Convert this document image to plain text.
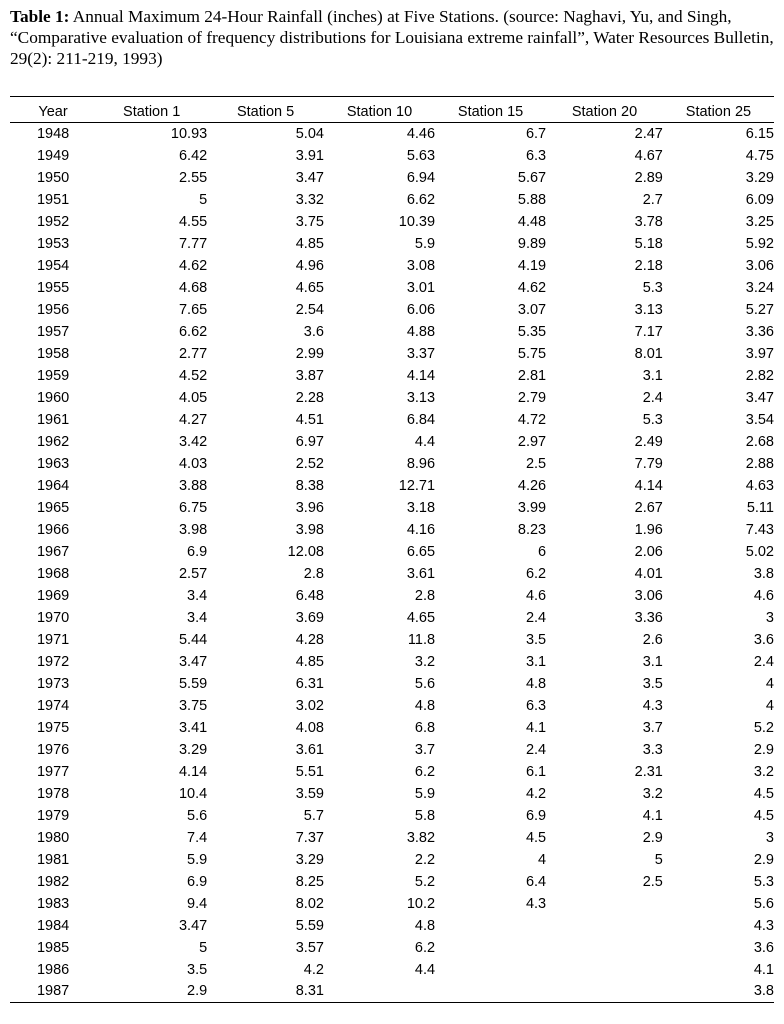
Table 1: Annual Maximum 24-Hour Rainfall (inches) at Five Stations. (source: Naghavi, Yu, and Singh, “Comparative evaluation of frequency distributions for Louisiana extreme rainfall”, Water Resources Bulletin, 29(2): 211-219, 1993)
Year	Station 1	Station 5	Station 10	Station 15	Station 20	Station 25
1948	10.93	5.04	4.46	6.7	2.47	6.15
1949	6.42	3.91	5.63	6.3	4.67	4.75
1950	2.55	3.47	6.94	5.67	2.89	3.29
1951	5	3.32	6.62	5.88	2.7	6.09
1952	4.55	3.75	10.39	4.48	3.78	3.25
1953	7.77	4.85	5.9	9.89	5.18	5.92
1954	4.62	4.96	3.08	4.19	2.18	3.06
1955	4.68	4.65	3.01	4.62	5.3	3.24
1956	7.65	2.54	6.06	3.07	3.13	5.27
1957	6.62	3.6	4.88	5.35	7.17	3.36
1958	2.77	2.99	3.37	5.75	8.01	3.97
1959	4.52	3.87	4.14	2.81	3.1	2.82
1960	4.05	2.28	3.13	2.79	2.4	3.47
1961	4.27	4.51	6.84	4.72	5.3	3.54
1962	3.42	6.97	4.4	2.97	2.49	2.68
1963	4.03	2.52	8.96	2.5	7.79	2.88
1964	3.88	8.38	12.71	4.26	4.14	4.63
1965	6.75	3.96	3.18	3.99	2.67	5.11
1966	3.98	3.98	4.16	8.23	1.96	7.43
1967	6.9	12.08	6.65	6	2.06	5.02
1968	2.57	2.8	3.61	6.2	4.01	3.8
1969	3.4	6.48	2.8	4.6	3.06	4.6
1970	3.4	3.69	4.65	2.4	3.36	3
1971	5.44	4.28	11.8	3.5	2.6	3.6
1972	3.47	4.85	3.2	3.1	3.1	2.4
1973	5.59	6.31	5.6	4.8	3.5	4
1974	3.75	3.02	4.8	6.3	4.3	4
1975	3.41	4.08	6.8	4.1	3.7	5.2
1976	3.29	3.61	3.7	2.4	3.3	2.9
1977	4.14	5.51	6.2	6.1	2.31	3.2
1978	10.4	3.59	5.9	4.2	3.2	4.5
1979	5.6	5.7	5.8	6.9	4.1	4.5
1980	7.4	7.37	3.82	4.5	2.9	3
1981	5.9	3.29	2.2	4	5	2.9
1982	6.9	8.25	5.2	6.4	2.5	5.3
1983	9.4	8.02	10.2	4.3		5.6
1984	3.47	5.59	4.8			4.3
1985	5	3.57	6.2			3.6
1986	3.5	4.2	4.4			4.1
1987	2.9	8.31				3.8
